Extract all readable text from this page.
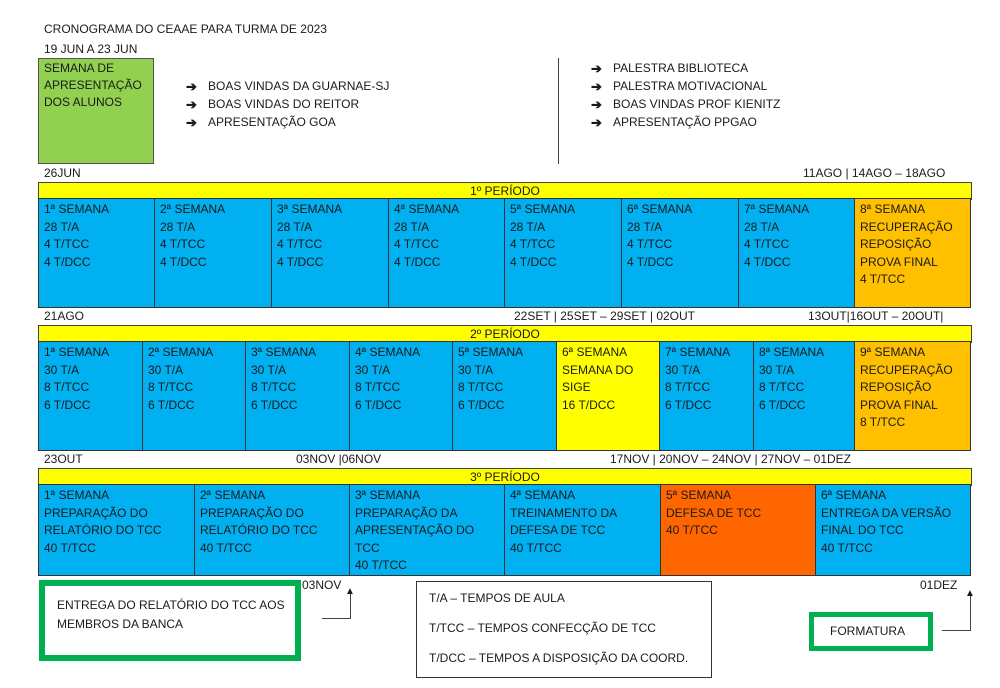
CRONOGRAMA DO CEAAE PARA TURMA DE 2023
19 JUN A 23 JUN
SEMANA DE
APRESENTAÇÃO
DOS ALUNOS
➔ BOAS VINDAS DA GUARNAE-SJ
➔ BOAS VINDAS DO REITOR
➔ APRESENTAÇÃO GOA
➔ PALESTRA BIBLIOTECA
➔ PALESTRA MOTIVACIONAL
➔ BOAS VINDAS PROF KIENITZ
➔ APRESENTAÇÃO PPGAO
26JUN	11AGO | 14AGO – 18AGO
1º PERÍODO
1ª SEMANA
28 T/A
4 T/TCC
4 T/DCC
2ª SEMANA
28 T/A
4 T/TCC
4 T/DCC
3ª SEMANA
28 T/A
4 T/TCC
4 T/DCC
4ª SEMANA
28 T/A
4 T/TCC
4 T/DCC
5ª SEMANA
28 T/A
4 T/TCC
4 T/DCC
6ª SEMANA
28 T/A
4 T/TCC
4 T/DCC
7ª SEMANA
28 T/A
4 T/TCC
4 T/DCC
8ª SEMANA
RECUPERAÇÃO
REPOSIÇÃO
PROVA FINAL
4 T/TCC
21AGO	22SET | 25SET – 29SET | 02OUT	13OUT|16OUT – 20OUT|
2º PERÍODO
1ª SEMANA
30 T/A
8 T/TCC
6 T/DCC
2ª SEMANA
30 T/A
8 T/TCC
6 T/DCC
3ª SEMANA
30 T/A
8 T/TCC
6 T/DCC
4ª SEMANA
30 T/A
8 T/TCC
6 T/DCC
5ª SEMANA
30 T/A
8 T/TCC
6 T/DCC
6ª SEMANA
SEMANA DO
SIGE
16 T/DCC
7ª SEMANA
30 T/A
8 T/TCC
6 T/DCC
8ª SEMANA
30 T/A
8 T/TCC
6 T/DCC
9ª SEMANA
RECUPERAÇÃO
REPOSIÇÃO
PROVA FINAL
8 T/TCC
23OUT	03NOV |06NOV	17NOV | 20NOV – 24NOV | 27NOV – 01DEZ
3º PERÍODO
1ª SEMANA
PREPARAÇÃO DO
RELATÓRIO DO TCC
40 T/TCC
2ª SEMANA
PREPARAÇÃO DO
RELATÓRIO DO TCC
40 T/TCC
3ª SEMANA
PREPARAÇÃO DA
APRESENTAÇÃO DO
TCC
40 T/TCC
4ª SEMANA
TREINAMENTO DA
DEFESA DE TCC
40 T/TCC
5ª SEMANA
DEFESA DE TCC
40 T/TCC
6ª SEMANA
ENTREGA DA VERSÃO
FINAL DO TCC
40 T/TCC
03NOV ▲
ENTREGA DO RELATÓRIO DO TCC AOS
MEMBROS DA BANCA
T/A – TEMPOS DE AULA
T/TCC – TEMPOS CONFECÇÃO DE TCC
T/DCC – TEMPOS A DISPOSIÇÃO DA COORD.
FORMATURA
01DEZ
▲
